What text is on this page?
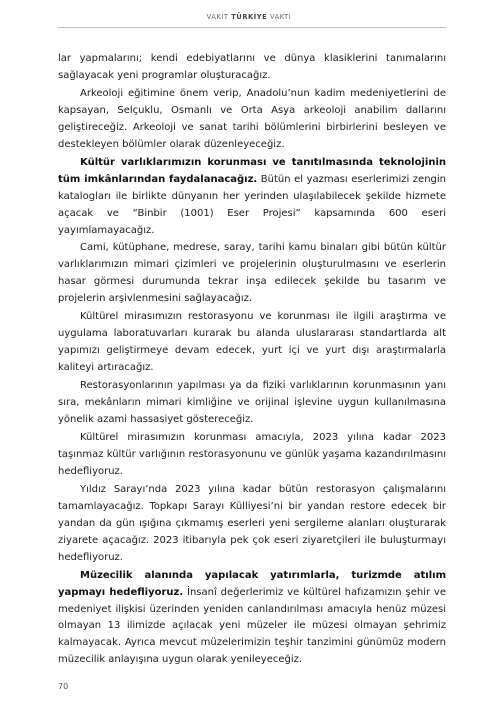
VAKİT TÜRKİYE VAKTİ

lar yapmalarını; kendi edebiyatlarını ve dünya klasiklerini tanımalarını sağlayacak yeni programlar oluşturacağız.

Arkeoloji eğitimine önem verip, Anadolu’nun kadim medeniyetlerini de kapsayan, Selçuklu, Osmanlı ve Orta Asya arkeoloji anabilim dallarını geliştireceğiz. Arkeoloji ve sanat tarihi bölümlerini birbirlerini besleyen ve destekleyen bölümler olarak düzenleyeceğiz.

Kültür varlıklarımızın korunması ve tanıtılmasında teknolojinin tüm imkânlarından faydalanacağız. Bütün el yazması eserlerimizi zengin katalogları ile birlikte dünyanın her yerinden ulaşılabilecek şekilde hizmete açacak ve “Binbir (1001) Eser Projesi” kapsamında 600 eseri yayımlamayacağız.

Cami, kütüphane, medrese, saray, tarihi kamu binaları gibi bütün kültür varlıklarımızın mimari çizimleri ve projelerinin oluşturulmasını ve eserlerin hasar görmesi durumunda tekrar inşa edilecek şekilde bu tasarım ve projelerin arşivlenmesini sağlayacağız.

Kültürel mirasımızın restorasyonu ve korunması ile ilgili araştırma ve uygulama laboratuvarları kurarak bu alanda uluslararası standartlarda alt yapımızı geliştirmeye devam edecek, yurt içi ve yurt dışı araştırmalarla kaliteyi artıracağız.

Restorasyonlarının yapılması ya da fiziki varlıklarının korunmasının yanı sıra, mekânların mimari kimliğine ve orijinal işlevine uygun kullanılmasına yönelik azami hassasiyet göstereceğiz.

Kültürel mirasımızın korunması amacıyla, 2023 yılına kadar 2023 taşınmaz kültür varlığının restorasyonunu ve günlük yaşama kazandırılmasını hedefliyoruz.

Yıldız Sarayı’nda 2023 yılına kadar bütün restorasyon çalışmalarını tamamlayacağız. Topkapı Sarayı Külliyesi’ni bir yandan restore edecek bir yandan da gün ışığına çıkmamış eserleri yeni sergileme alanları oluşturarak ziyarete açacağız. 2023 itibarıyla pek çok eseri ziyaretçileri ile buluşturmayı hedefliyoruz.

Müzecilik alanında yapılacak yatırımlarla, turizmde atılım yapmayı hedefliyoruz. İnsanî değerlerimiz ve kültürel hafızamızın şehir ve medeniyet ilişkisi üzerinden yeniden canlandırılması amacıyla henüz müzesi olmayan 13 ilimizde açılacak yeni müzeler ile müzesi olmayan şehrimiz kalmayacak. Ayrıca mevcut müzelerimizin teşhir tanzimini günümüz modern müzecilik anlayışına uygun olarak yenileyeceğiz.

70
